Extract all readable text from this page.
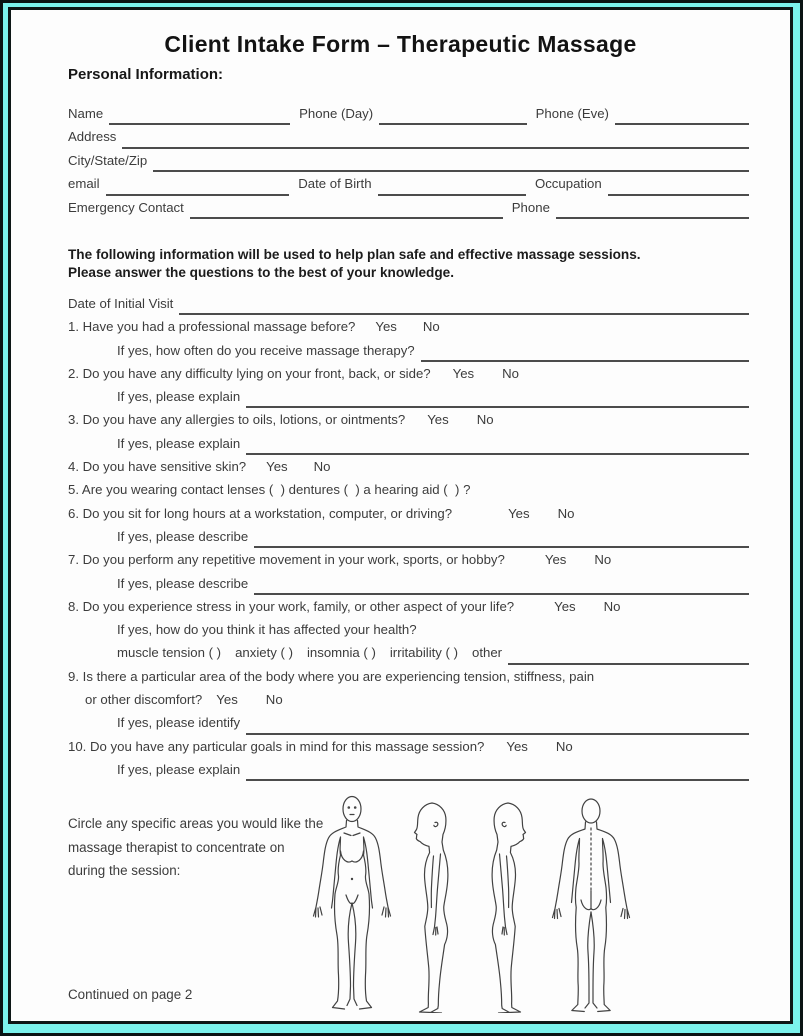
Client Intake Form – Therapeutic Massage
Personal Information:
Name	Phone (Day)	Phone (Eve)
Address
City/State/Zip
email	Date of Birth	Occupation
Emergency Contact	Phone
The following information will be used to help plan safe and effective massage sessions.
Please answer the questions to the best of your knowledge.
Date of Initial Visit
1. Have you had a professional massage before? Yes No
If yes, how often do you receive massage therapy?
2. Do you have any difficulty lying on your front, back, or side? Yes No
If yes, please explain
3. Do you have any allergies to oils, lotions, or ointments? Yes No
If yes, please explain
4. Do you have sensitive skin? Yes No
5. Are you wearing contact lenses (  ) dentures (  ) a hearing aid (  ) ?
6. Do you sit for long hours at a workstation, computer, or driving?	Yes No
If yes, please describe
7. Do you perform any repetitive movement in your work, sports, or hobby?	Yes No
If yes, please describe
8. Do you experience stress in your work, family, or other aspect of your life?	Yes No
If yes, how do you think it has affected your health?
muscle tension ( ) anxiety ( ) insomnia ( ) irritability ( ) other
9. Is there a particular area of the body where you are experiencing tension, stiffness, pain
or other discomfort? Yes No
If yes, please identify
10. Do you have any particular goals in mind for this massage session? Yes No
If yes, please explain
Circle any specific areas you would like the
massage therapist to concentrate on
during the session:
Continued on page 2
